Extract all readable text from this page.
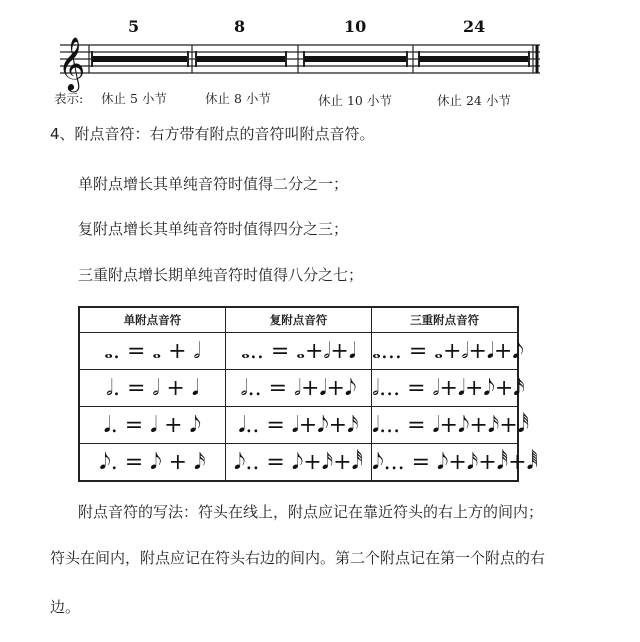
𝄞
5	8	10	24
表示: 休止 5 小节	休止 8 小节	休止 10 小节	休止 24 小节
4、附点音符：右方带有附点的音符叫附点音符。
单附点增长其单纯音符时值得二分之一；
复附点增长其单纯音符时值得四分之三；
三重附点增长期单纯音符时值得八分之七；
单附点音符	复附点音符	三重附点音符
𝅝. = 𝅝 + 𝅗𝅥	𝅝.. = 𝅝+𝅗𝅥+𝅘𝅥	𝅝... = 𝅝+𝅗𝅥+𝅘𝅥+𝅘𝅥𝅮
𝅗𝅥. = 𝅗𝅥 + 𝅘𝅥	𝅗𝅥.. = 𝅗𝅥+𝅘𝅥+𝅘𝅥𝅮	𝅗𝅥... = 𝅗𝅥+𝅘𝅥+𝅘𝅥𝅮+𝅘𝅥𝅯
𝅘𝅥. = 𝅘𝅥 + 𝅘𝅥𝅮	𝅘𝅥.. = 𝅘𝅥+𝅘𝅥𝅮+𝅘𝅥𝅯	𝅘𝅥... = 𝅘𝅥+𝅘𝅥𝅮+𝅘𝅥𝅯+𝅘𝅥𝅰
𝅘𝅥𝅮. = 𝅘𝅥𝅮 + 𝅘𝅥𝅯	𝅘𝅥𝅮.. = 𝅘𝅥𝅮+𝅘𝅥𝅯+𝅘𝅥𝅰	𝅘𝅥𝅮... = 𝅘𝅥𝅮+𝅘𝅥𝅯+𝅘𝅥𝅰+𝅘𝅥𝅱
附点音符的写法：符头在线上，附点应记在靠近符头的右上方的间内；
符头在间内，附点应记在符头右边的间内。第二个附点记在第一个附点的右
边。
